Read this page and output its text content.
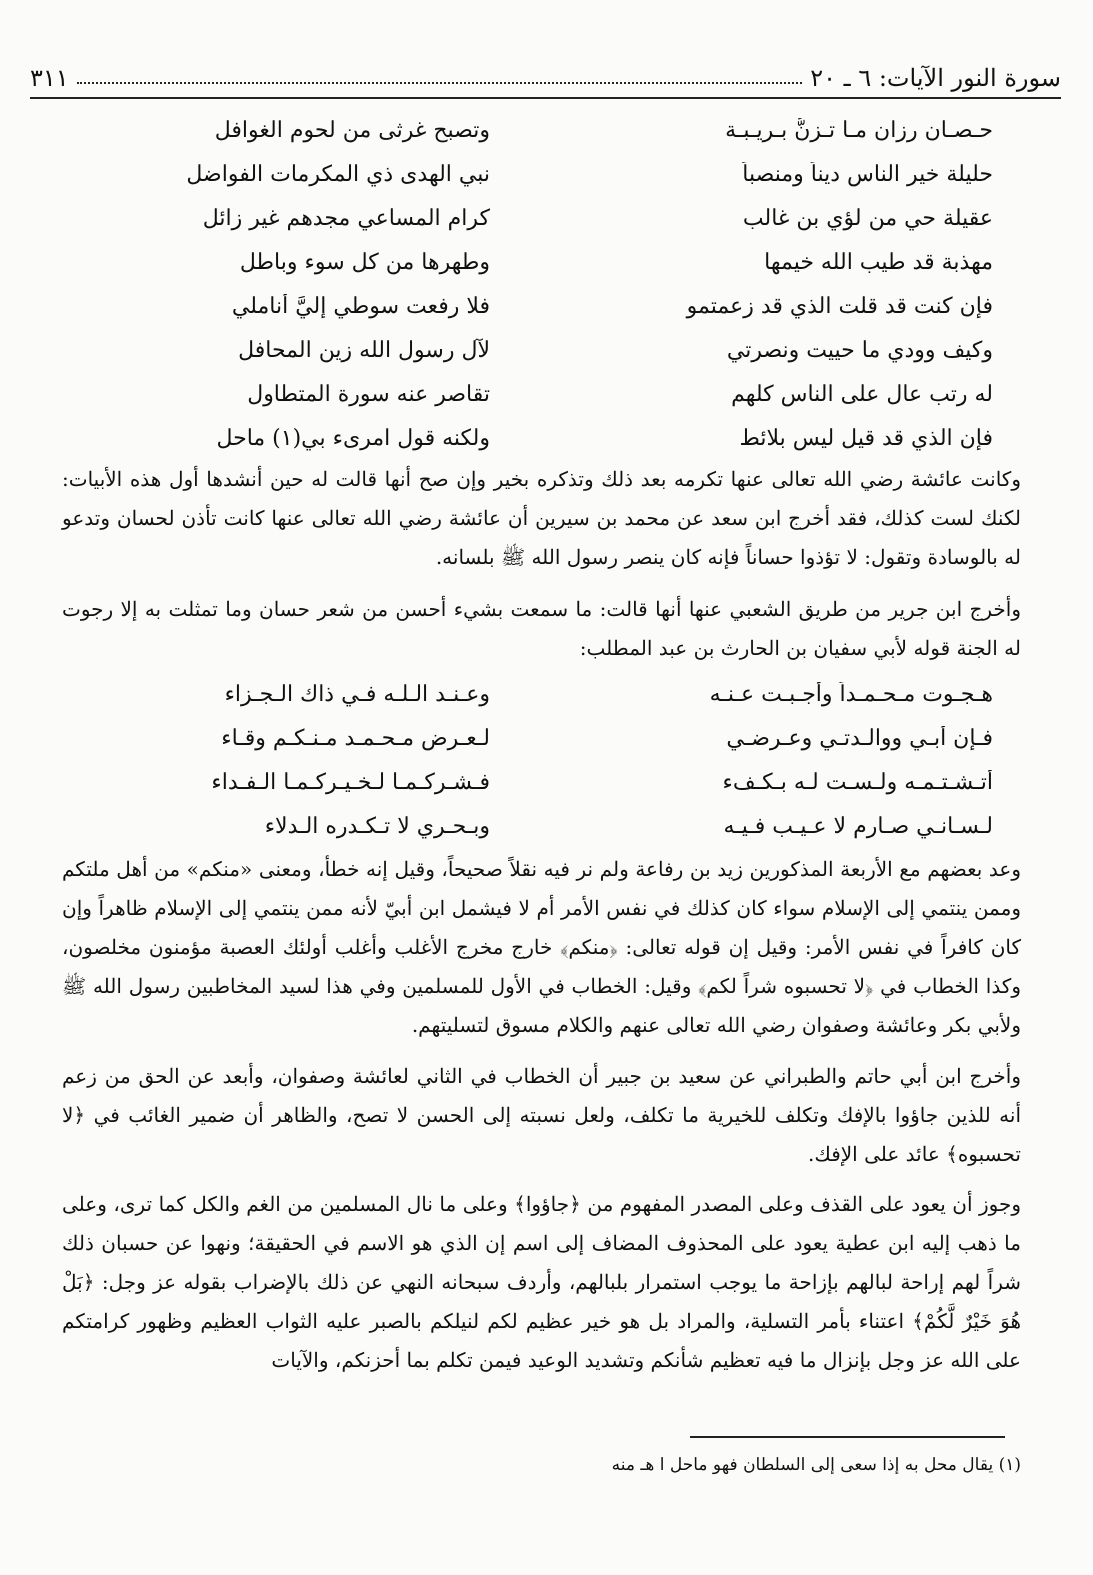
سورة النور الآيات: ٦ ـ ٢٠
٣١١
حـصـان رزان مـا تـزنُّ بـريـبـة
وتصبح غرثى من لحوم الغوافل
حليلة خير الناس ديناً ومنصباً
نبي الهدى ذي المكرمات الفواضل
عقيلة حي من لؤي بن غالب
كرام المساعي مجدهم غير زائل
مهذبة قد طيب الله خيمها
وطهرها من كل سوء وباطل
فإن كنت قد قلت الذي قد زعمتمو
فلا رفعت سوطي إليَّ أناملي
وكيف وودي ما حييت ونصرتي
لآل رسول الله زين المحافل
له رتب عال على الناس كلهم
تقاصر عنه سورة المتطاول
فإن الذي قد قيل ليس بلائط
ولكنه قول امرىء بي(١) ماحل

وكانت عائشة رضي الله تعالى عنها تكرمه بعد ذلك وتذكره بخير وإن صح أنها قالت له حين أنشدها أول هذه الأبيات: لكنك لست كذلك، فقد أخرج ابن سعد عن محمد بن سيرين أن عائشة رضي الله تعالى عنها كانت تأذن لحسان وتدعو له بالوسادة وتقول: لا تؤذوا حساناً فإنه كان ينصر رسول الله ﷺ بلسانه.

وأخرج ابن جرير من طريق الشعبي عنها أنها قالت: ما سمعت بشيء أحسن من شعر حسان وما تمثلت به إلا رجوت له الجنة قوله لأبي سفيان بن الحارث بن عبد المطلب:

هـجـوت مـحـمـداً وأجـبـت عـنـه
وعـنـد الـلـه فـي ذاك الـجـزاء
فـإن أبـي ووالـدتـي وعـرضـي
لـعـرض مـحـمـد مـنـكـم وقـاء
أتـشـتـمـه ولـسـت لـه بـكـفء
فـشـركـمـا لـخـيـركـمـا الـفـداء
لـسـانـي صـارم لا عـيـب فـيـه
وبـحـري لا تـكـدره الـدلاء

وعد بعضهم مع الأربعة المذكورين زيد بن رفاعة ولم نر فيه نقلاً صحيحاً، وقيل إنه خطأ، ومعنى «منكم» من أهل ملتكم وممن ينتمي إلى الإسلام سواء كان كذلك في نفس الأمر أم لا فيشمل ابن أبيّ لأنه ممن ينتمي إلى الإسلام ظاهراً وإن كان كافراً في نفس الأمر: وقيل إن قوله تعالى: ﴿منكم﴾ خارج مخرج الأغلب وأغلب أولئك العصبة مؤمنون مخلصون، وكذا الخطاب في ﴿لا تحسبوه شراً لكم﴾ وقيل: الخطاب في الأول للمسلمين وفي هذا لسيد المخاطبين رسول الله ﷺ ولأبي بكر وعائشة وصفوان رضي الله تعالى عنهم والكلام مسوق لتسليتهم.

وأخرج ابن أبي حاتم والطبراني عن سعيد بن جبير أن الخطاب في الثاني لعائشة وصفوان، وأبعد عن الحق من زعم أنه للذين جاؤوا بالإفك وتكلف للخيرية ما تكلف، ولعل نسبته إلى الحسن لا تصح، والظاهر أن ضمير الغائب في ﴿لا تحسبوه﴾ عائد على الإفك.

وجوز أن يعود على القذف وعلى المصدر المفهوم من ﴿جاؤوا﴾ وعلى ما نال المسلمين من الغم والكل كما ترى، وعلى ما ذهب إليه ابن عطية يعود على المحذوف المضاف إلى اسم إن الذي هو الاسم في الحقيقة؛ ونهوا عن حسبان ذلك شراً لهم إراحة لبالهم بإزاحة ما يوجب استمرار بلبالهم، وأردف سبحانه النهي عن ذلك بالإضراب بقوله عز وجل: ﴿بَلْ هُوَ خَيْرٌ لَّكُمْ﴾ اعتناء بأمر التسلية، والمراد بل هو خير عظيم لكم لنيلكم بالصبر عليه الثواب العظيم وظهور كرامتكم على الله عز وجل بإنزال ما فيه تعظيم شأنكم وتشديد الوعيد فيمن تكلم بما أحزنكم، والآيات

(١) يقال محل به إذا سعى إلى السلطان فهو ماحل ا هـ منه
